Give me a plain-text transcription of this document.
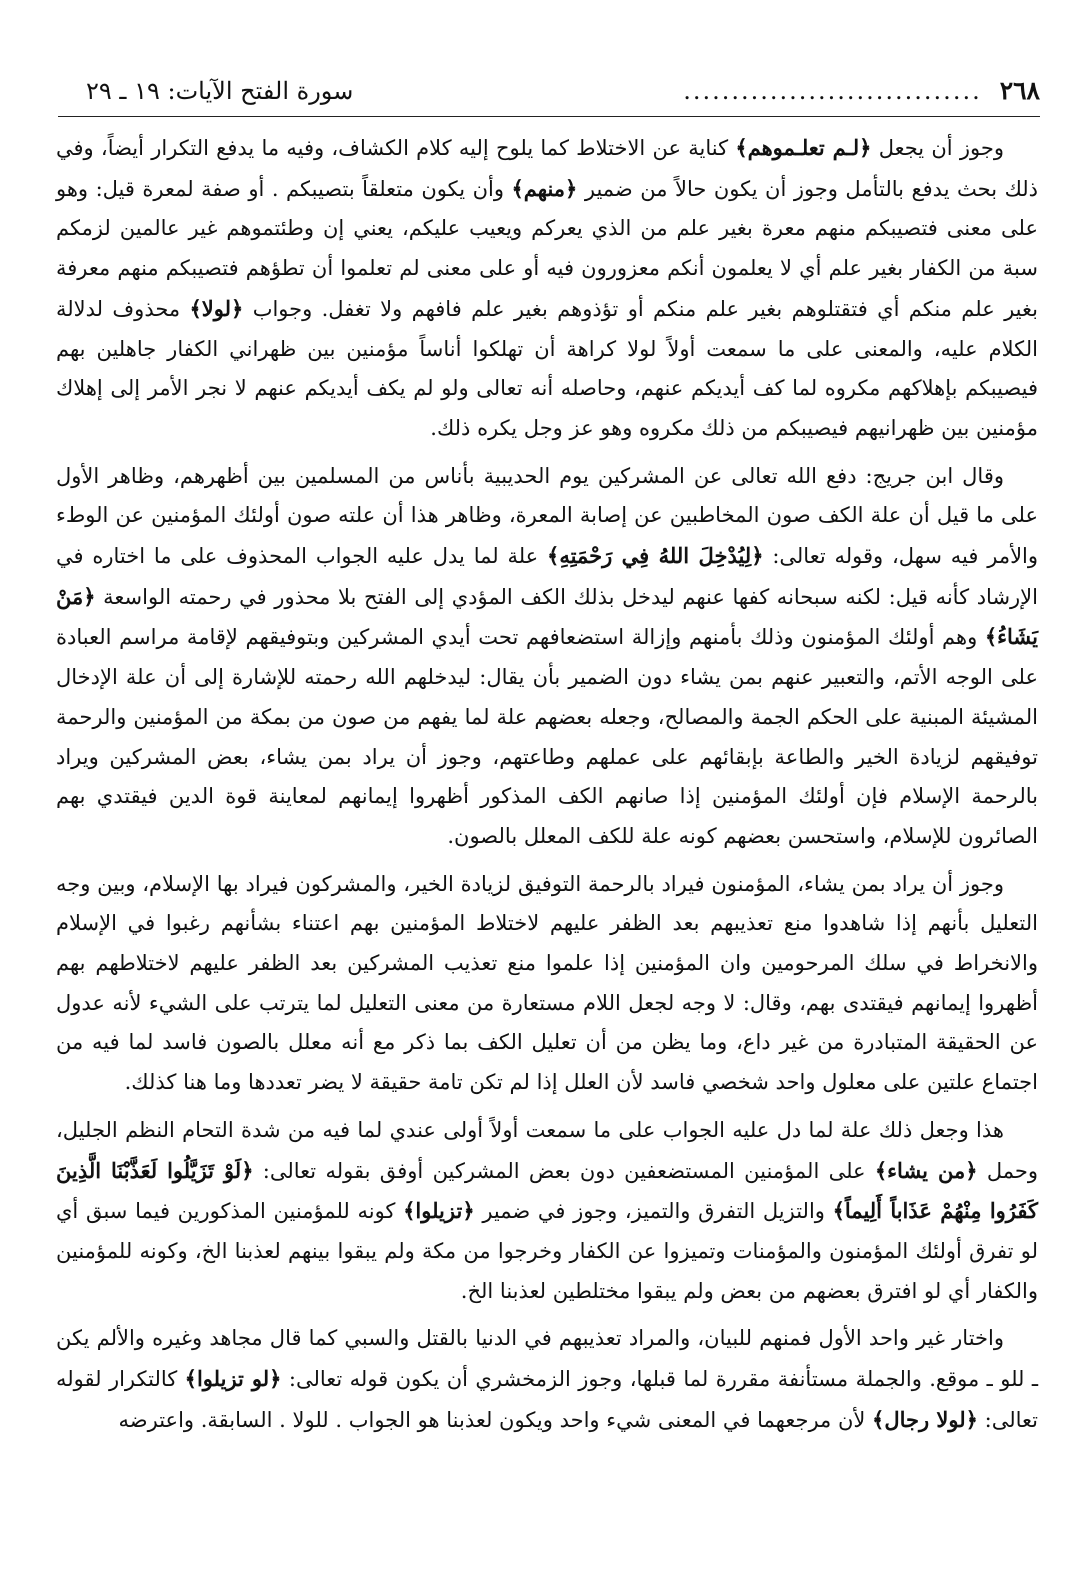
٢٦٨
...............................
سورة الفتح الآيات: ١٩ ـ ٢٩

وجوز أن يجعل ﴿لـم تعلـموهم﴾ كناية عن الاختلاط كما يلوح إليه كلام الكشاف، وفيه ما يدفع التكرار أيضاً، وفي ذلك بحث يدفع بالتأمل وجوز أن يكون حالاً من ضمير ﴿منهم﴾ وأن يكون متعلقاً بتصيبكم . أو صفة لمعرة قيل: وهو على معنى فتصيبكم منهم معرة بغير علم من الذي يعركم ويعيب عليكم، يعني إن وطئتموهم غير عالمين لزمكم سبة من الكفار بغير علم أي لا يعلمون أنكم معزورون فيه أو على معنى لم تعلموا أن تطؤهم فتصيبكم منهم معرفة بغير علم منكم أي فتقتلوهم بغير علم منكم أو تؤذوهم بغير علم فافهم ولا تغفل. وجواب ﴿لولا﴾ محذوف لدلالة الكلام عليه، والمعنى على ما سمعت أولاً لولا كراهة أن تهلكوا أناساً مؤمنين بين ظهراني الكفار جاهلين بهم فيصيبكم بإهلاكهم مكروه لما كف أيديكم عنهم، وحاصله أنه تعالى ولو لم يكف أيديكم عنهم لا نجر الأمر إلى إهلاك مؤمنين بين ظهرانيهم فيصيبكم من ذلك مكروه وهو عز وجل يكره ذلك.

وقال ابن جريج: دفع الله تعالى عن المشركين يوم الحديبية بأناس من المسلمين بين أظهرهم، وظاهر الأول على ما قيل أن علة الكف صون المخاطبين عن إصابة المعرة، وظاهر هذا أن علته صون أولئك المؤمنين عن الوطء والأمر فيه سهل، وقوله تعالى: ﴿لِيُدْخِلَ اللهُ فِي رَحْمَتِهِ﴾ علة لما يدل عليه الجواب المحذوف على ما اختاره في الإرشاد كأنه قيل: لكنه سبحانه كفها عنهم ليدخل بذلك الكف المؤدي إلى الفتح بلا محذور في رحمته الواسعة ﴿مَنْ يَشَاءُ﴾ وهم أولئك المؤمنون وذلك بأمنهم وإزالة استضعافهم تحت أيدي المشركين وبتوفيقهم لإقامة مراسم العبادة على الوجه الأتم، والتعبير عنهم بمن يشاء دون الضمير بأن يقال: ليدخلهم الله رحمته للإشارة إلى أن علة الإدخال المشيئة المبنية على الحكم الجمة والمصالح، وجعله بعضهم علة لما يفهم من صون من بمكة من المؤمنين والرحمة توفيقهم لزيادة الخير والطاعة بإبقائهم على عملهم وطاعتهم، وجوز أن يراد بمن يشاء، بعض المشركين ويراد بالرحمة الإسلام فإن أولئك المؤمنين إذا صانهم الكف المذكور أظهروا إيمانهم لمعاينة قوة الدين فيقتدي بهم الصائرون للإسلام، واستحسن بعضهم كونه علة للكف المعلل بالصون.

وجوز أن يراد بمن يشاء، المؤمنون فيراد بالرحمة التوفيق لزيادة الخير، والمشركون فيراد بها الإسلام، وبين وجه التعليل بأنهم إذا شاهدوا منع تعذيبهم بعد الظفر عليهم لاختلاط المؤمنين بهم اعتناء بشأنهم رغبوا في الإسلام والانخراط في سلك المرحومين وان المؤمنين إذا علموا منع تعذيب المشركين بعد الظفر عليهم لاختلاطهم بهم أظهروا إيمانهم فيقتدى بهم، وقال: لا وجه لجعل اللام مستعارة من معنى التعليل لما يترتب على الشيء لأنه عدول عن الحقيقة المتبادرة من غير داع، وما يظن من أن تعليل الكف بما ذكر مع أنه معلل بالصون فاسد لما فيه من اجتماع علتين على معلول واحد شخصي فاسد لأن العلل إذا لم تكن تامة حقيقة لا يضر تعددها وما هنا كذلك.

هذا وجعل ذلك علة لما دل عليه الجواب على ما سمعت أولاً أولى عندي لما فيه من شدة التحام النظم الجليل، وحمل ﴿من يشاء﴾ على المؤمنين المستضعفين دون بعض المشركين أوفق بقوله تعالى: ﴿لَوْ تَزَيَّلُوا لَعَذَّبْنَا الَّذِينَ كَفَرُوا مِنْهُمْ عَذَاباً أَلِيماً﴾ والتزيل التفرق والتميز، وجوز في ضمير ﴿تزيلوا﴾ كونه للمؤمنين المذكورين فيما سبق أي لو تفرق أولئك المؤمنون والمؤمنات وتميزوا عن الكفار وخرجوا من مكة ولم يبقوا بينهم لعذبنا الخ، وكونه للمؤمنين والكفار أي لو افترق بعضهم من بعض ولم يبقوا مختلطين لعذبنا الخ.

واختار غير واحد الأول فمنهم للبيان، والمراد تعذيبهم في الدنيا بالقتل والسبي كما قال مجاهد وغيره والألم يكن ـ للو ـ موقع. والجملة مستأنفة مقررة لما قبلها، وجوز الزمخشري أن يكون قوله تعالى: ﴿لو تزيلوا﴾ كالتكرار لقوله تعالى: ﴿لولا رجال﴾ لأن مرجعهما في المعنى شيء واحد ويكون لعذبنا هو الجواب . للولا . السابقة. واعترضه
